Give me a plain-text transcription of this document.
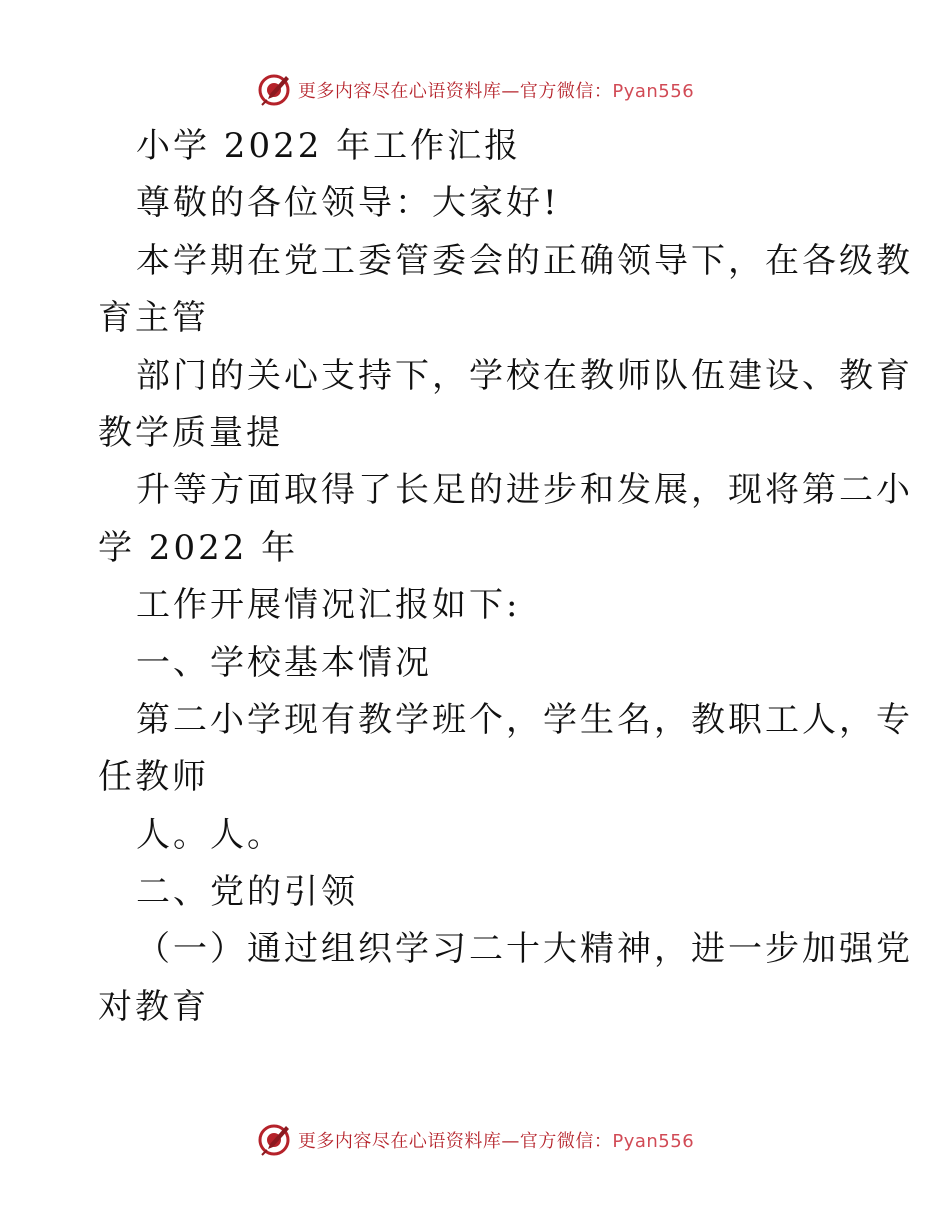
更多内容尽在心语资料库—官方微信：Pyan556
小学 2022 年工作汇报
尊敬的各位领导：大家好!
本学期在党工委管委会的正确领导下，在各级教
育主管
部门的关心支持下，学校在教师队伍建设、教育
教学质量提
升等方面取得了长足的进步和发展，现将第二小
学 2022 年
工作开展情况汇报如下:
一、学校基本情况
第二小学现有教学班个，学生名，教职工人，专
任教师
人。人。
二、党的引领
（一）通过组织学习二十大精神，进一步加强党
对教育
更多内容尽在心语资料库—官方微信：Pyan556
